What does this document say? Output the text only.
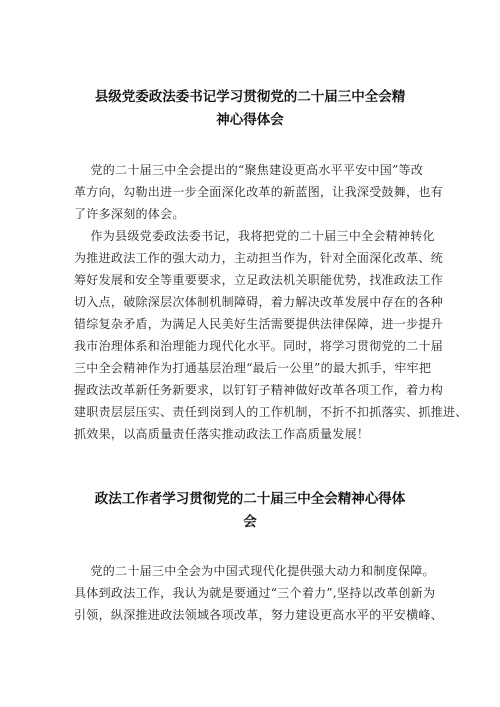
县级党委政法委书记学习贯彻党的二十届三中全会精
神心得体会
党的二十届三中全会提出的“聚焦建设更高水平平安中国”等改
革方向，勾勒出进一步全面深化改革的新蓝图，让我深受鼓舞，也有
了许多深刻的体会。
作为县级党委政法委书记，我将把党的二十届三中全会精神转化
为推进政法工作的强大动力，主动担当作为，针对全面深化改革、统
筹好发展和安全等重要要求，立足政法机关职能优势，找准政法工作
切入点，破除深层次体制机制障碍，着力解决改革发展中存在的各种
错综复杂矛盾，为满足人民美好生活需要提供法律保障，进一步提升
我市治理体系和治理能力现代化水平。同时，将学习贯彻党的二十届
三中全会精神作为打通基层治理“最后一公里”的最大抓手，牢牢把
握政法改革新任务新要求，以钉钉子精神做好改革各项工作，着力构
建职责层层压实、责任到岗到人的工作机制，不折不扣抓落实、抓推进、
抓效果，以高质量责任落实推动政法工作高质量发展！
政法工作者学习贯彻党的二十届三中全会精神心得体
会
党的二十届三中全会为中国式现代化提供强大动力和制度保障。
具体到政法工作，我认为就是要通过“三个着力”,坚持以改革创新为
引领，纵深推进政法领域各项改革，努力建设更高水平的平安横峰、
